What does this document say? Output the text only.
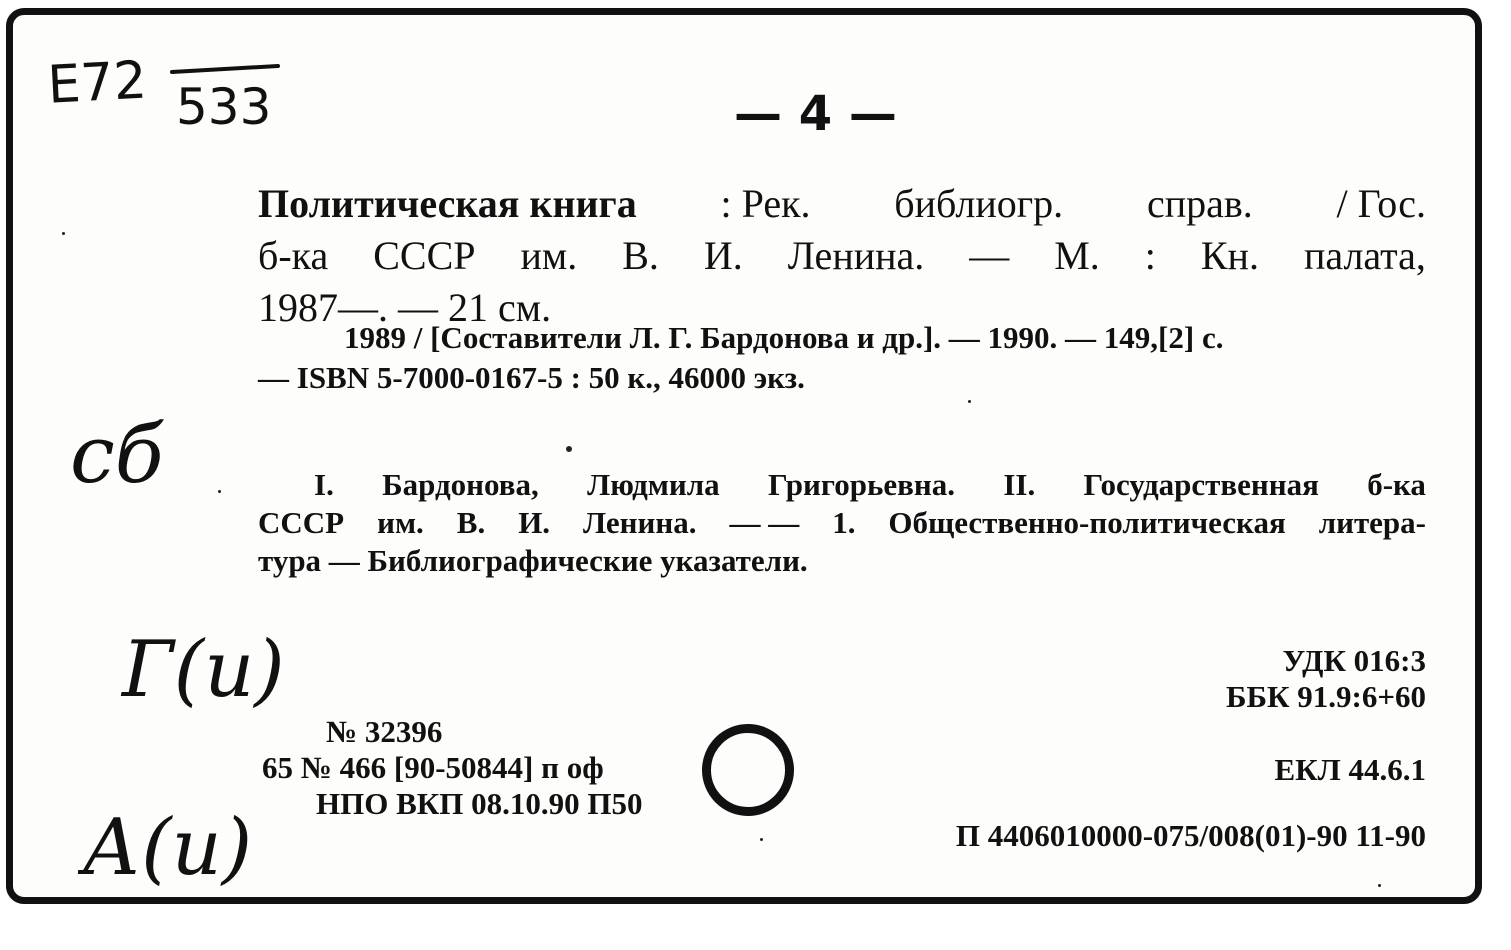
Е72 533	— 4 —
сб
Г(и)
А(и)
Политическая книга : Рек. библиогр. справ. / Гос.
б-ка СССР им. В. И. Ленина. — М. : Кн. палата,
1987—. — 21 см.
1989 / [Составители Л. Г. Бардонова и др.]. — 1990. — 149,[2] с.
— ISBN 5-7000-0167-5 : 50 к., 46000 экз.
I. Бардонова, Людмила Григорьевна. II. Государственная б-ка
СССР им. В. И. Ленина. — — 1. Общественно-политическая литера-
тура — Библиографические указатели.
УДК 016:3
ББК 91.9:6+60
ЕКЛ 44.6.1
П 4406010000-075/008(01)-90 11-90
№ 32396
65 № 466 [90-50844] п оф
НПО ВКП 08.10.90 П50
